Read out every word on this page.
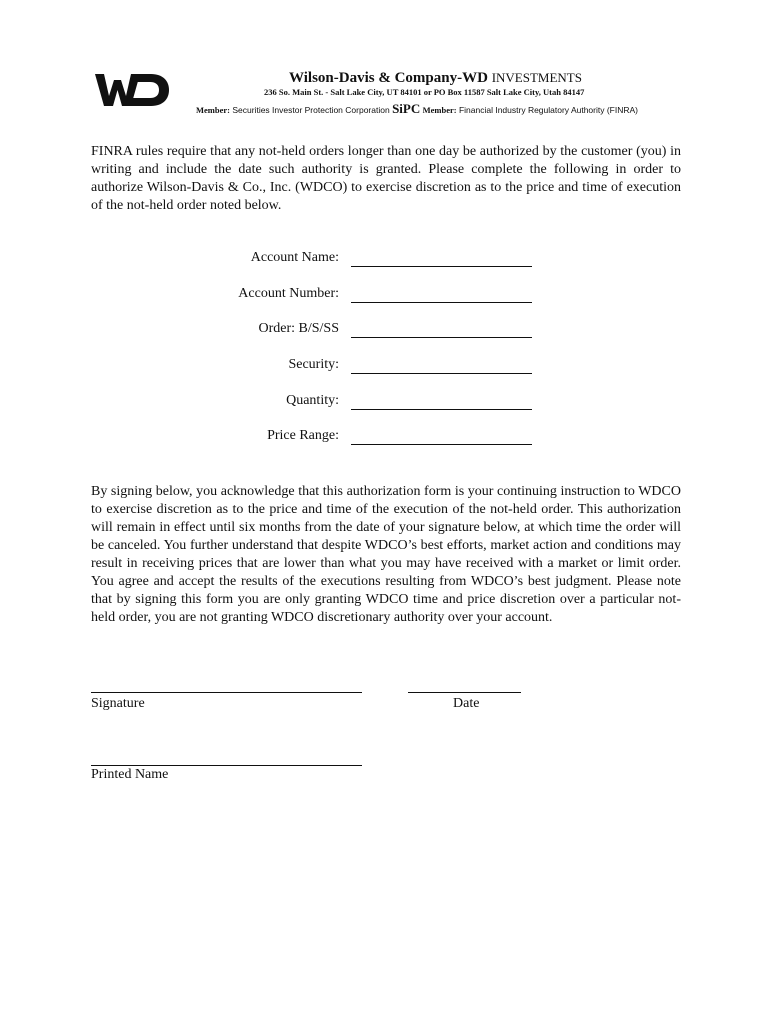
Wilson-Davis & Company-WD INVESTMENTS
236 So. Main St. - Salt Lake City, UT 84101 or PO Box 11587 Salt Lake City, Utah 84147
Member: Securities Investor Protection Corporation SiPC Member: Financial Industry Regulatory Authority (FINRA)
FINRA rules require that any not-held orders longer than one day be authorized by the customer (you) in writing and include the date such authority is granted. Please complete the following in order to authorize Wilson-Davis & Co., Inc. (WDCO) to exercise discretion as to the price and time of execution of the not-held order noted below.
Account Name:
Account Number:
Order: B/S/SS
Security:
Quantity:
Price Range:
By signing below, you acknowledge that this authorization form is your continuing instruction to WDCO to exercise discretion as to the price and time of the execution of the not-held order. This authorization will remain in effect until six months from the date of your signature below, at which time the order will be canceled. You further understand that despite WDCO’s best efforts, market action and conditions may result in receiving prices that are lower than what you may have received with a market or limit order. You agree and accept the results of the executions resulting from WDCO’s best judgment. Please note that by signing this form you are only granting WDCO time and price discretion over a particular not-held order, you are not granting WDCO discretionary authority over your account.
Signature	Date
Printed Name
